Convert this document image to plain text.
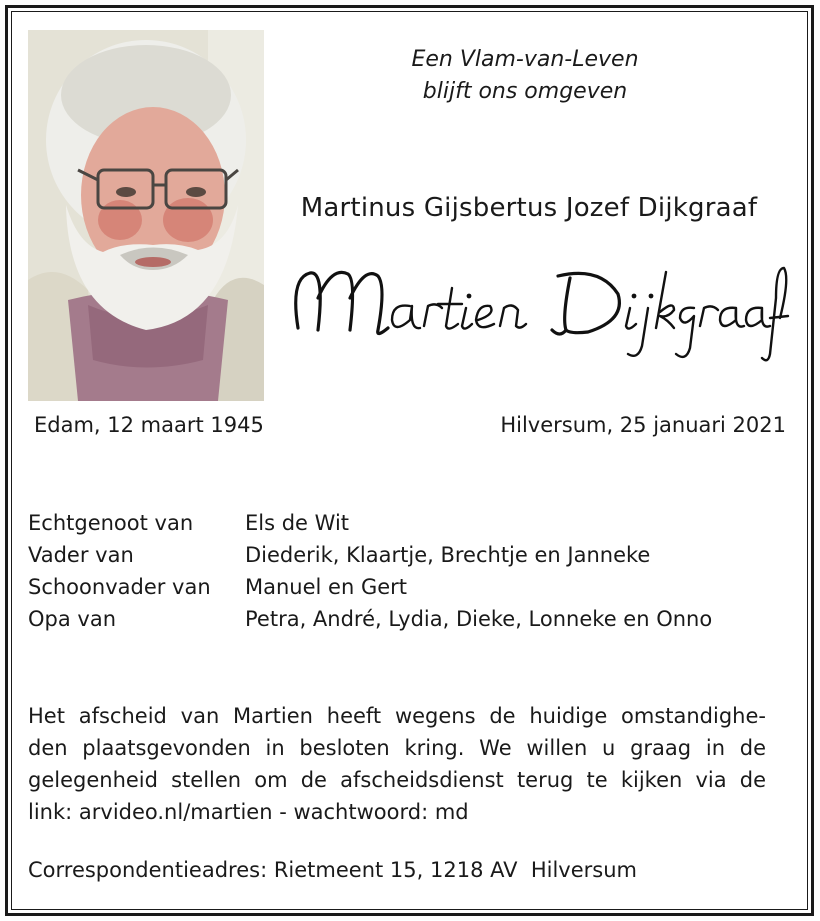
Een Vlam-van-Leven
blijft ons omgeven
Martinus Gijsbertus Jozef Dijkgraaf
Edam, 12 maart 1945	Hilversum, 25 januari 2021
Echtgenoot van	Els de Wit
Vader van	Diederik, Klaartje, Brechtje en Janneke
Schoonvader van	Manuel en Gert
Opa van	Petra, André, Lydia, Dieke, Lonneke en Onno
Het afscheid van Martien heeft wegens de huidige omstandighe-
den plaatsgevonden in besloten kring. We willen u graag in de
gelegenheid stellen om de afscheidsdienst terug te kijken via de
link: arvideo.nl/martien - wachtwoord: md
Correspondentieadres: Rietmeent 15, 1218 AV  Hilversum
